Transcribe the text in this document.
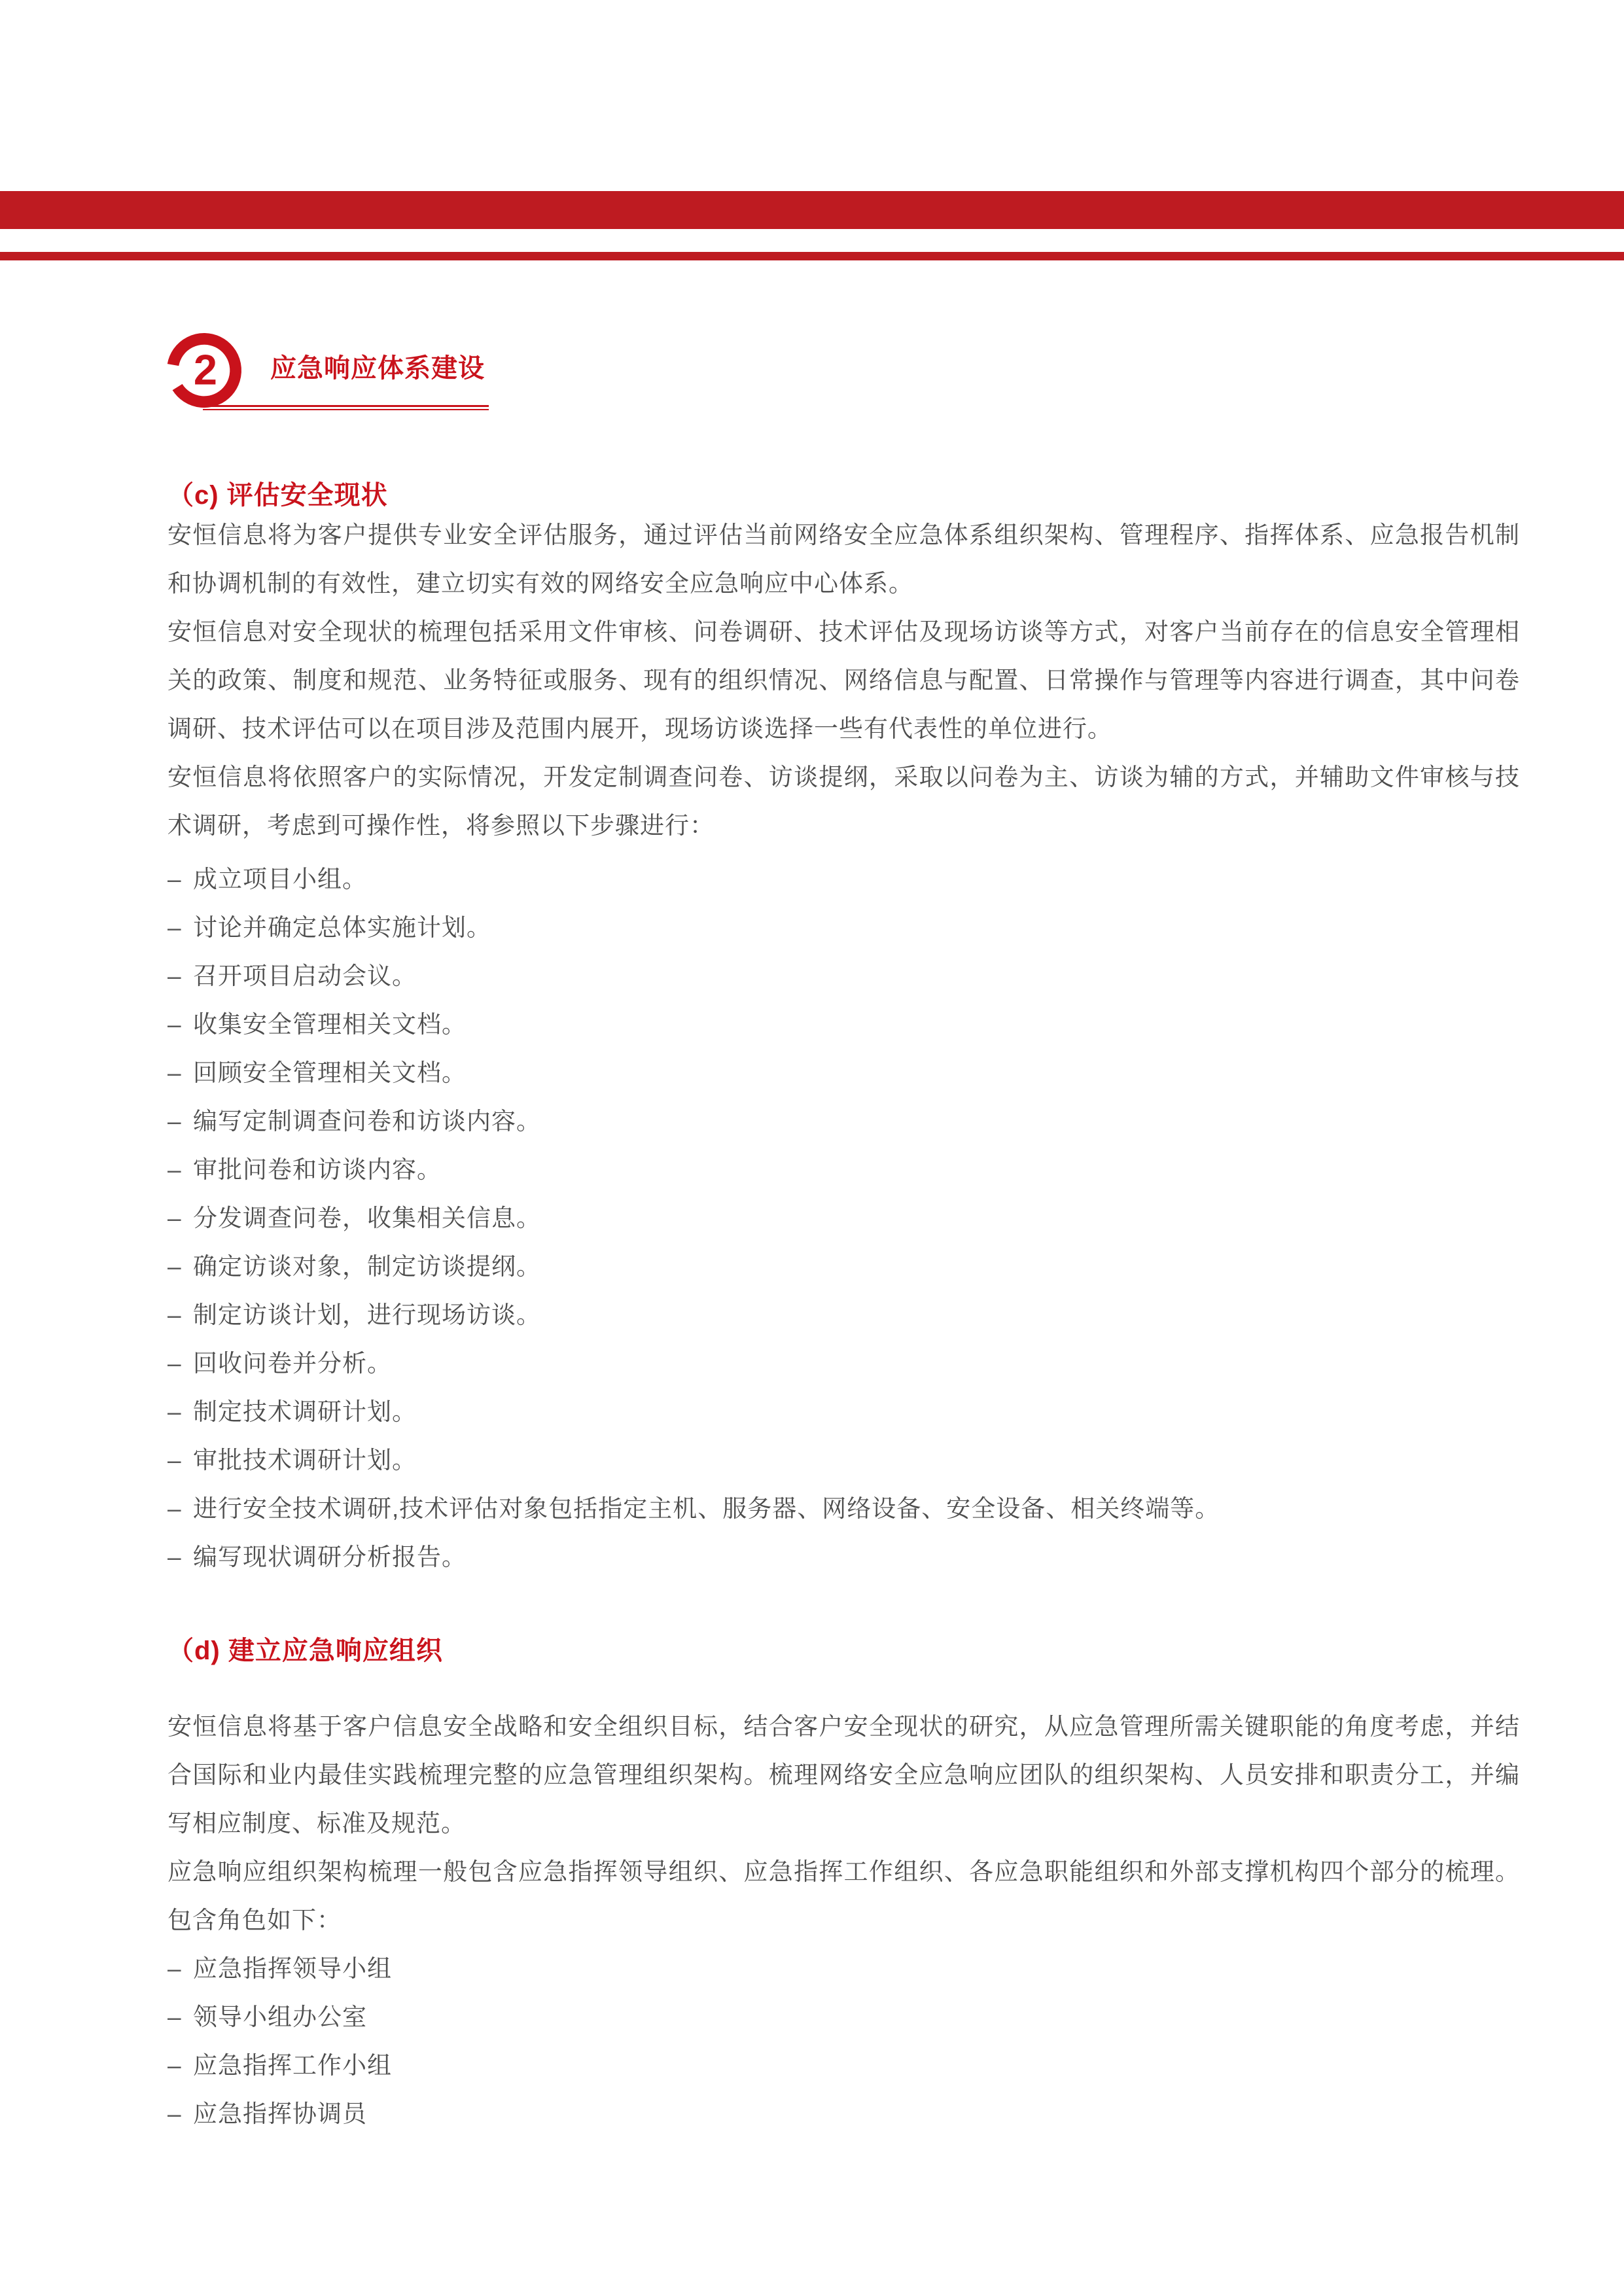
2 应急响应体系建设
（c) 评估安全现状

安恒信息将为客户提供专业安全评估服务，通过评估当前网络安全应急体系组织架构、管理程序、指挥体系、应急报告机制和协调机制的有效性，建立切实有效的网络安全应急响应中心体系。

安恒信息对安全现状的梳理包括采用文件审核、问卷调研、技术评估及现场访谈等方式，对客户当前存在的信息安全管理相关的政策、制度和规范、业务特征或服务、现有的组织情况、网络信息与配置、日常操作与管理等内容进行调查，其中问卷调研、技术评估可以在项目涉及范围内展开，现场访谈选择一些有代表性的单位进行。

安恒信息将依照客户的实际情况，开发定制调查问卷、访谈提纲，采取以问卷为主、访谈为辅的方式，并辅助文件审核与技术调研，考虑到可操作性，将参照以下步骤进行：

– 成立项目小组。
– 讨论并确定总体实施计划。
– 召开项目启动会议。
– 收集安全管理相关文档。
– 回顾安全管理相关文档。
– 编写定制调查问卷和访谈内容。
– 审批问卷和访谈内容。
– 分发调查问卷，收集相关信息。
– 确定访谈对象，制定访谈提纲。
– 制定访谈计划，进行现场访谈。
– 回收问卷并分析。
– 制定技术调研计划。
– 审批技术调研计划。
– 进行安全技术调研,技术评估对象包括指定主机、服务器、网络设备、安全设备、相关终端等。
– 编写现状调研分析报告。
（d) 建立应急响应组织

安恒信息将基于客户信息安全战略和安全组织目标，结合客户安全现状的研究，从应急管理所需关键职能的角度考虑，并结合国际和业内最佳实践梳理完整的应急管理组织架构。梳理网络安全应急响应团队的组织架构、人员安排和职责分工，并编写相应制度、标准及规范。

应急响应组织架构梳理一般包含应急指挥领导组织、应急指挥工作组织、各应急职能组织和外部支撑机构四个部分的梳理。包含角色如下：

– 应急指挥领导小组
– 领导小组办公室
– 应急指挥工作小组
– 应急指挥协调员
